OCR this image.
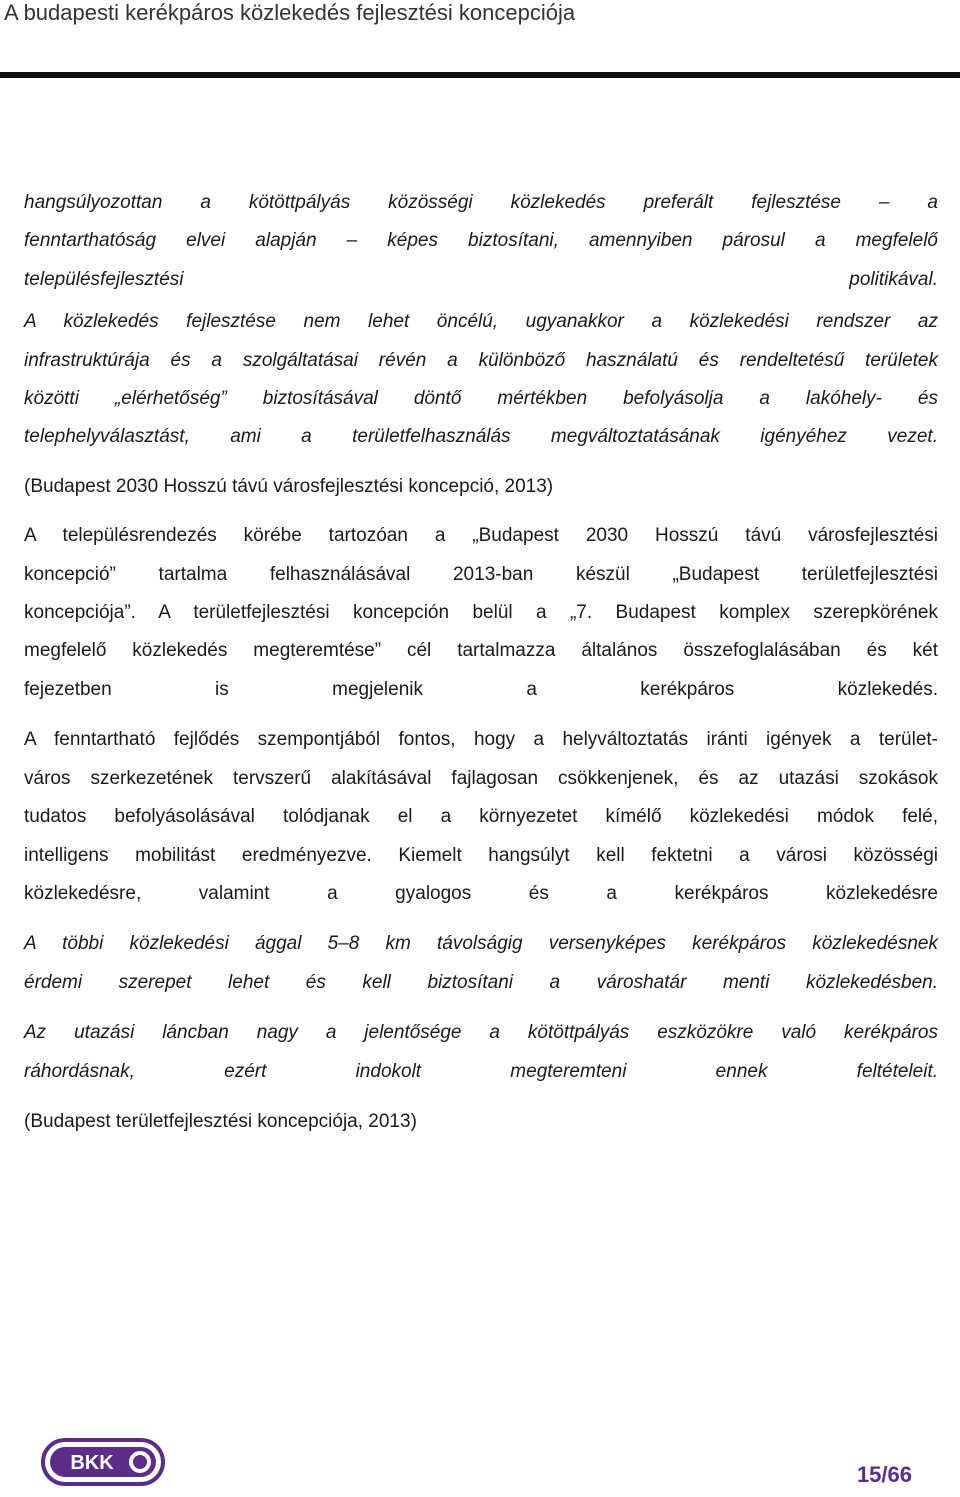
A budapesti kerékpáros közlekedés fejlesztési koncepciója

hangsúlyozottan a kötöttpályás közösségi közlekedés preferált fejlesztése – a
fenntarthatóság elvei alapján – képes biztosítani, amennyiben párosul a megfelelő
településfejlesztési politikával.

A közlekedés fejlesztése nem lehet öncélú, ugyanakkor a közlekedési rendszer az
infrastruktúrája és a szolgáltatásai révén a különböző használatú és rendeltetésű területek
közötti „elérhetőség” biztosításával döntő mértékben befolyásolja a lakóhely- és
telephelyválasztást, ami a területfelhasználás megváltoztatásának igényéhez vezet.

(Budapest 2030 Hosszú távú városfejlesztési koncepció, 2013)

A településrendezés körébe tartozóan a „Budapest 2030 Hosszú távú városfejlesztési
koncepció” tartalma felhasználásával 2013-ban készül „Budapest területfejlesztési
koncepciója”. A területfejlesztési koncepción belül a „7. Budapest komplex szerepkörének
megfelelő közlekedés megteremtése” cél tartalmazza általános összefoglalásában és két
fejezetben is megjelenik a kerékpáros közlekedés.

A fenntartható fejlődés szempontjából fontos, hogy a helyváltoztatás iránti igények a terület-
város szerkezetének tervszerű alakításával fajlagosan csökkenjenek, és az utazási szokások
tudatos befolyásolásával tolódjanak el a környezetet kímélő közlekedési módok felé,
intelligens mobilitást eredményezve. Kiemelt hangsúlyt kell fektetni a városi közösségi
közlekedésre, valamint a gyalogos és a kerékpáros közlekedésre

A többi közlekedési ággal 5–8 km távolságig versenyképes kerékpáros közlekedésnek
érdemi szerepet lehet és kell biztosítani a városhatár menti közlekedésben.

Az utazási láncban nagy a jelentősége a kötöttpályás eszközökre való kerékpáros
ráhordásnak, ezért indokolt megteremteni ennek feltételeit.

(Budapest területfejlesztési koncepciója, 2013)

BKK	15/66
